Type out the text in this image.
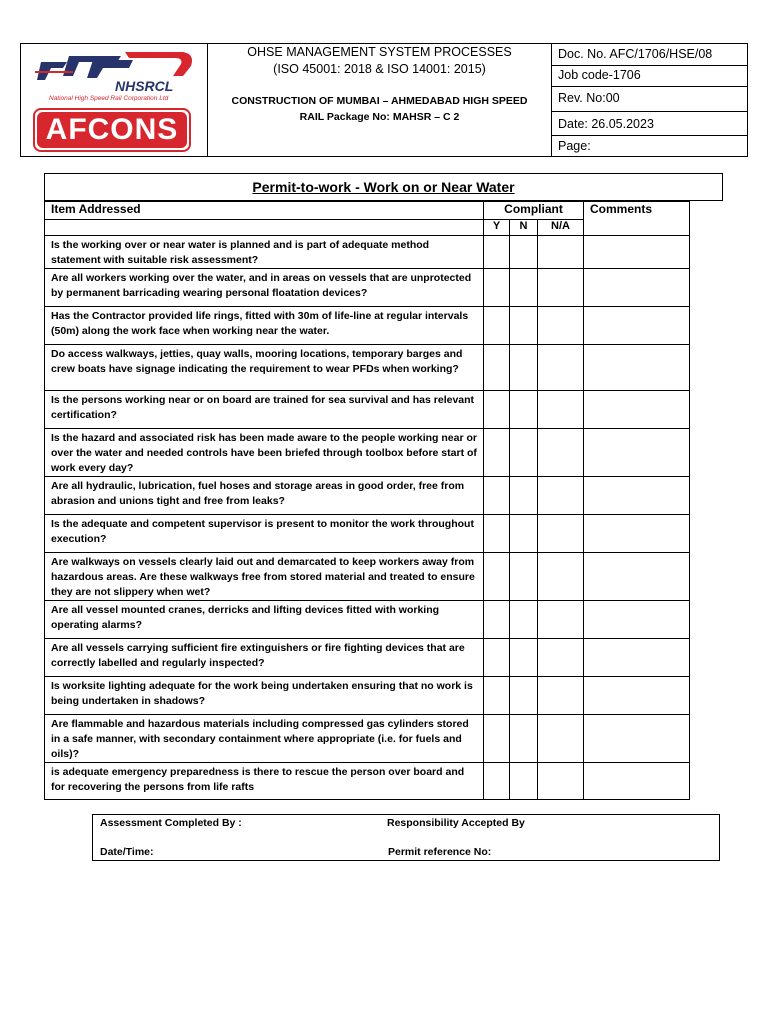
NHSRCL
National High Speed Rail Corporation Ltd
AFCONS
OHSE MANAGEMENT SYSTEM PROCESSES
(ISO 45001: 2018 & ISO 14001: 2015)
CONSTRUCTION OF MUMBAI – AHMEDABAD HIGH SPEED
RAIL Package No: MAHSR – C 2
Doc. No. AFC/1706/HSE/08
Job code-1706
Rev. No:00
Date: 26.05.2023
Page:
Permit-to-work - Work on or Near Water
Item Addressed	Compliant			Comments
	Y	N	N/A	
Is the working over or near water is planned and is part of adequate method statement with suitable risk assessment?				
Are all workers working over the water, and in areas on vessels that are unprotected by permanent barricading wearing personal floatation devices?				
Has the Contractor provided life rings, fitted with 30m of life-line at regular intervals (50m) along the work face when working near the water.				
Do access walkways, jetties, quay walls, mooring locations, temporary barges and crew boats have signage indicating the requirement to wear PFDs when working?				
Is the persons working near or on board are trained for sea survival and has relevant certification?				
Is the hazard and associated risk has been made aware to the people working near or over the water and needed controls have been briefed through toolbox before start of work every day?				
Are all hydraulic, lubrication, fuel hoses and storage areas in good order, free from abrasion and unions tight and free from leaks?				
Is the adequate and competent supervisor is present to monitor the work throughout execution?				
Are walkways on vessels clearly laid out and demarcated to keep workers away from hazardous areas. Are these walkways free from stored material and treated to ensure they are not slippery when wet?				
Are all vessel mounted cranes, derricks and lifting devices fitted with working operating alarms?				
Are all vessels carrying sufficient fire extinguishers or fire fighting devices that are correctly labelled and regularly inspected?				
Is worksite lighting adequate for the work being undertaken ensuring that no work is being undertaken in shadows?				
Are flammable and hazardous materials including compressed gas cylinders stored in a safe manner, with secondary containment where appropriate (i.e. for fuels and oils)?				
is adequate emergency preparedness is there to rescue the person over board and for recovering the persons from life rafts				
Assessment Completed By :	Responsibility Accepted By
Date/Time:	Permit reference No:
